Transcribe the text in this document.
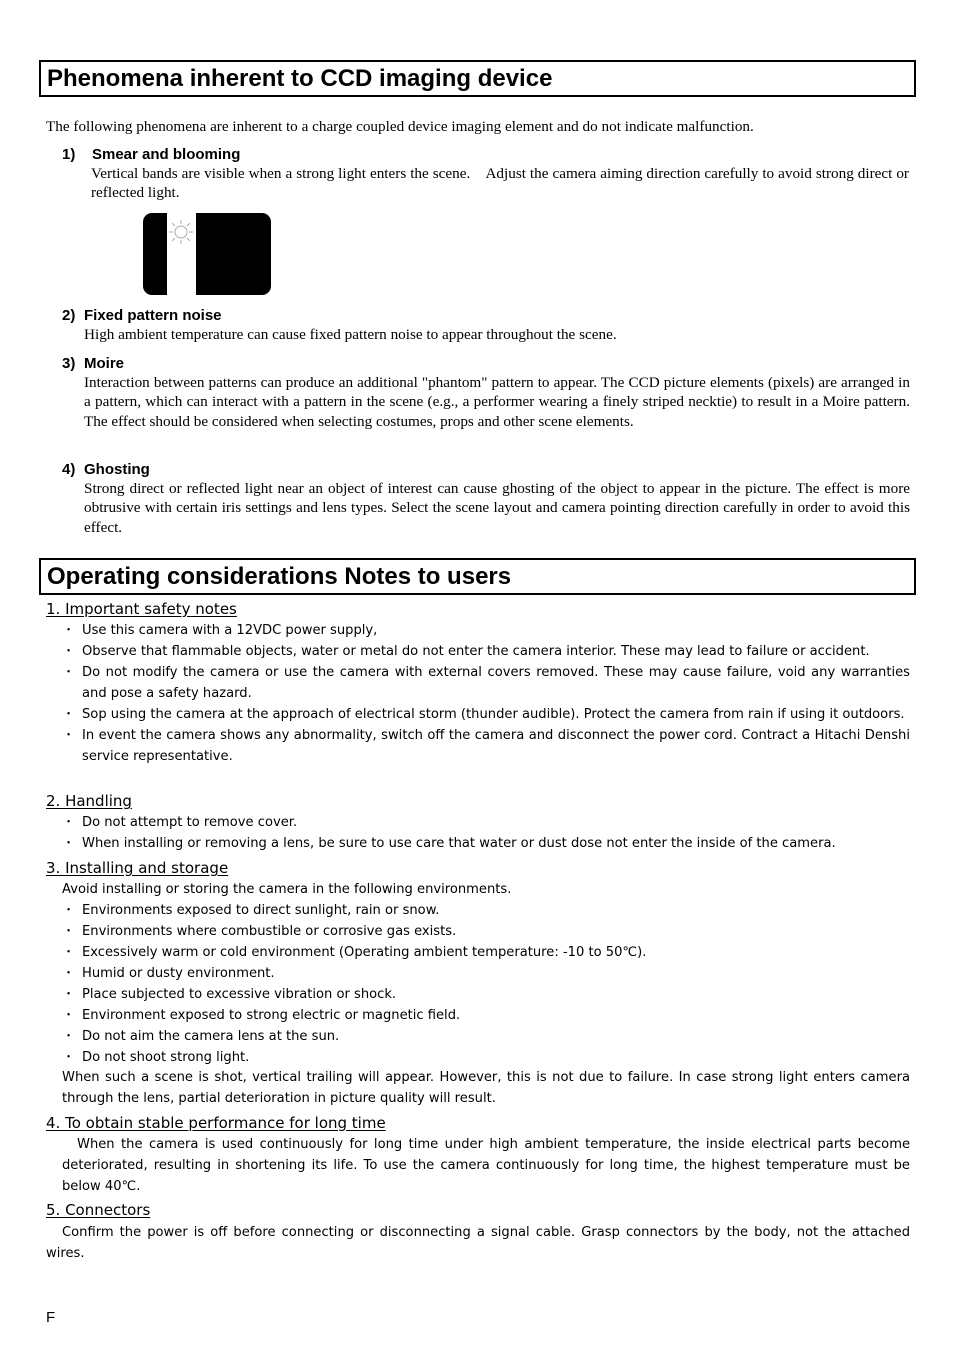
Phenomena inherent to CCD imaging device
The following phenomena are inherent to a charge coupled device imaging element and do not indicate malfunction.
1) Smear and blooming
Vertical bands are visible when a strong light enters the scene. Adjust the camera aiming direction carefully to avoid strong direct or reflected light.
2) Fixed pattern noise
High ambient temperature can cause fixed pattern noise to appear throughout the scene.
3) Moire
Interaction between patterns can produce an additional "phantom" pattern to appear. The CCD picture elements (pixels) are arranged in a pattern, which can interact with a pattern in the scene (e.g., a performer wearing a finely striped necktie) to result in a Moire pattern. The effect should be considered when selecting costumes, props and other scene elements.
4) Ghosting
Strong direct or reflected light near an object of interest can cause ghosting of the object to appear in the picture. The effect is more obtrusive with certain iris settings and lens types. Select the scene layout and camera pointing direction carefully in order to avoid this effect.
Operating considerations Notes to users
1. Important safety notes
・ Use this camera with a 12VDC power supply,
・ Observe that flammable objects, water or metal do not enter the camera interior. These may lead to failure or accident.
・ Do not modify the camera or use the camera with external covers removed. These may cause failure, void any warranties and pose a safety hazard.
・ Sop using the camera at the approach of electrical storm (thunder audible). Protect the camera from rain if using it outdoors.
・ In event the camera shows any abnormality, switch off the camera and disconnect the power cord. Contract a Hitachi Denshi service representative.
2. Handling
・ Do not attempt to remove cover.
・ When installing or removing a lens, be sure to use care that water or dust dose not enter the inside of the camera.
3. Installing and storage
Avoid installing or storing the camera in the following environments.
・ Environments exposed to direct sunlight, rain or snow.
・ Environments where combustible or corrosive gas exists.
・ Excessively warm or cold environment (Operating ambient temperature: -10 to 50℃).
・ Humid or dusty environment.
・ Place subjected to excessive vibration or shock.
・ Environment exposed to strong electric or magnetic field.
・ Do not aim the camera lens at the sun.
・ Do not shoot strong light.
When such a scene is shot, vertical trailing will appear. However, this is not due to failure. In case strong light enters camera through the lens, partial deterioration in picture quality will result.
4. To obtain stable performance for long time
When the camera is used continuously for long time under high ambient temperature, the inside electrical parts become deteriorated, resulting in shortening its life. To use the camera continuously for long time, the highest temperature must be below 40℃.
5. Connectors
Confirm the power is off before connecting or disconnecting a signal cable. Grasp connectors by the body, not the attached wires.
F
